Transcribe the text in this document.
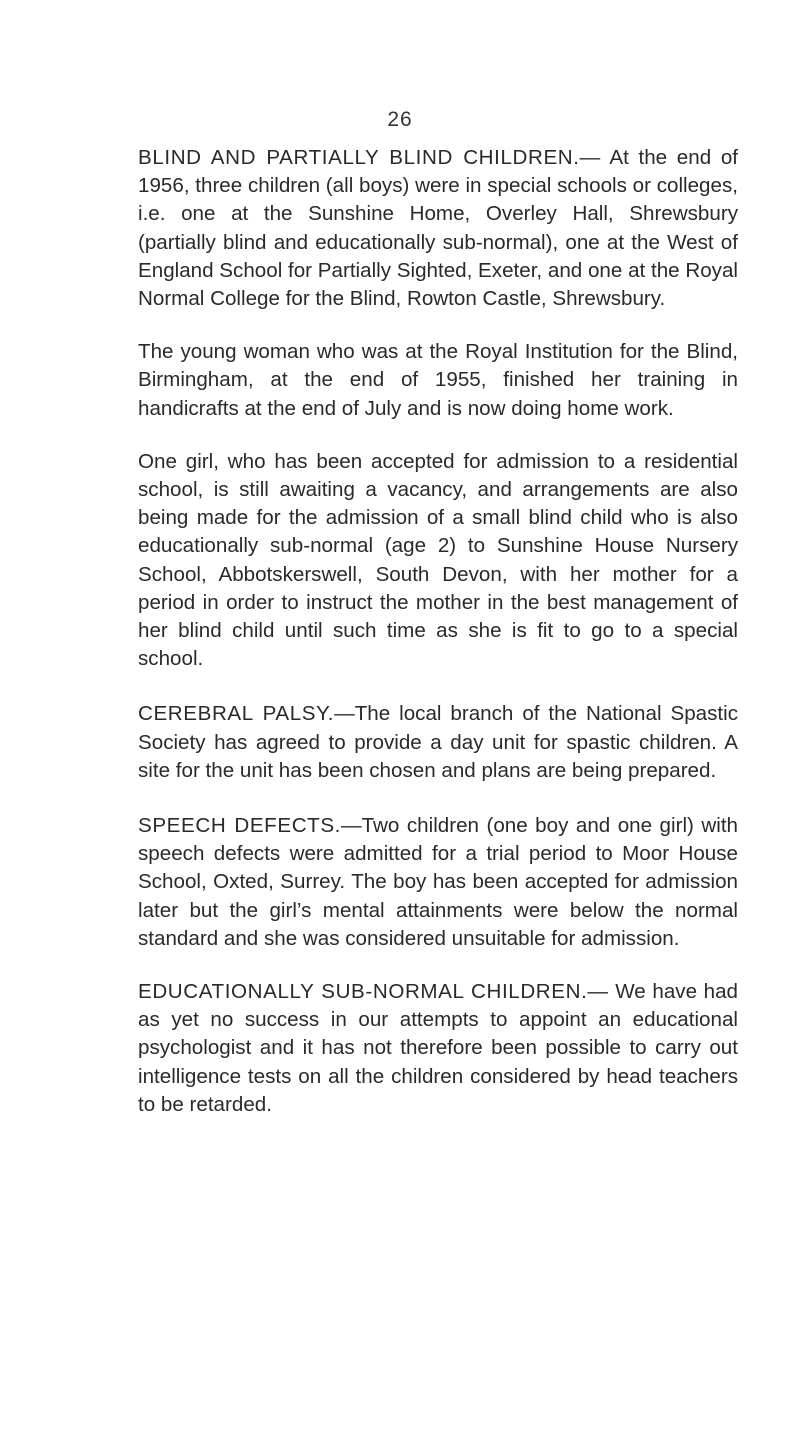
26

BLIND AND PARTIALLY BLIND CHILDREN.— At the end of 1956, three children (all boys) were in special schools or colleges, i.e. one at the Sunshine Home, Overley Hall, Shrewsbury (partially blind and educationally sub-normal), one at the West of England School for Partially Sighted, Exeter, and one at the Royal Normal College for the Blind, Rowton Castle, Shrewsbury.

The young woman who was at the Royal Institution for the Blind, Birmingham, at the end of 1955, finished her training in handicrafts at the end of July and is now doing home work.

One girl, who has been accepted for admission to a residential school, is still awaiting a vacancy, and arrangements are also being made for the admission of a small blind child who is also educationally sub-normal (age 2) to Sunshine House Nursery School, Abbotskerswell, South Devon, with her mother for a period in order to instruct the mother in the best management of her blind child until such time as she is fit to go to a special school.

CEREBRAL PALSY.—The local branch of the National Spastic Society has agreed to provide a day unit for spastic children. A site for the unit has been chosen and plans are being prepared.

SPEECH DEFECTS.—Two children (one boy and one girl) with speech defects were admitted for a trial period to Moor House School, Oxted, Surrey. The boy has been accepted for admission later but the girl’s mental attainments were below the normal standard and she was considered unsuitable for admission.

EDUCATIONALLY SUB-NORMAL CHILDREN.— We have had as yet no success in our attempts to appoint an educational psychologist and it has not therefore been possible to carry out intelligence tests on all the children considered by head teachers to be retarded.
